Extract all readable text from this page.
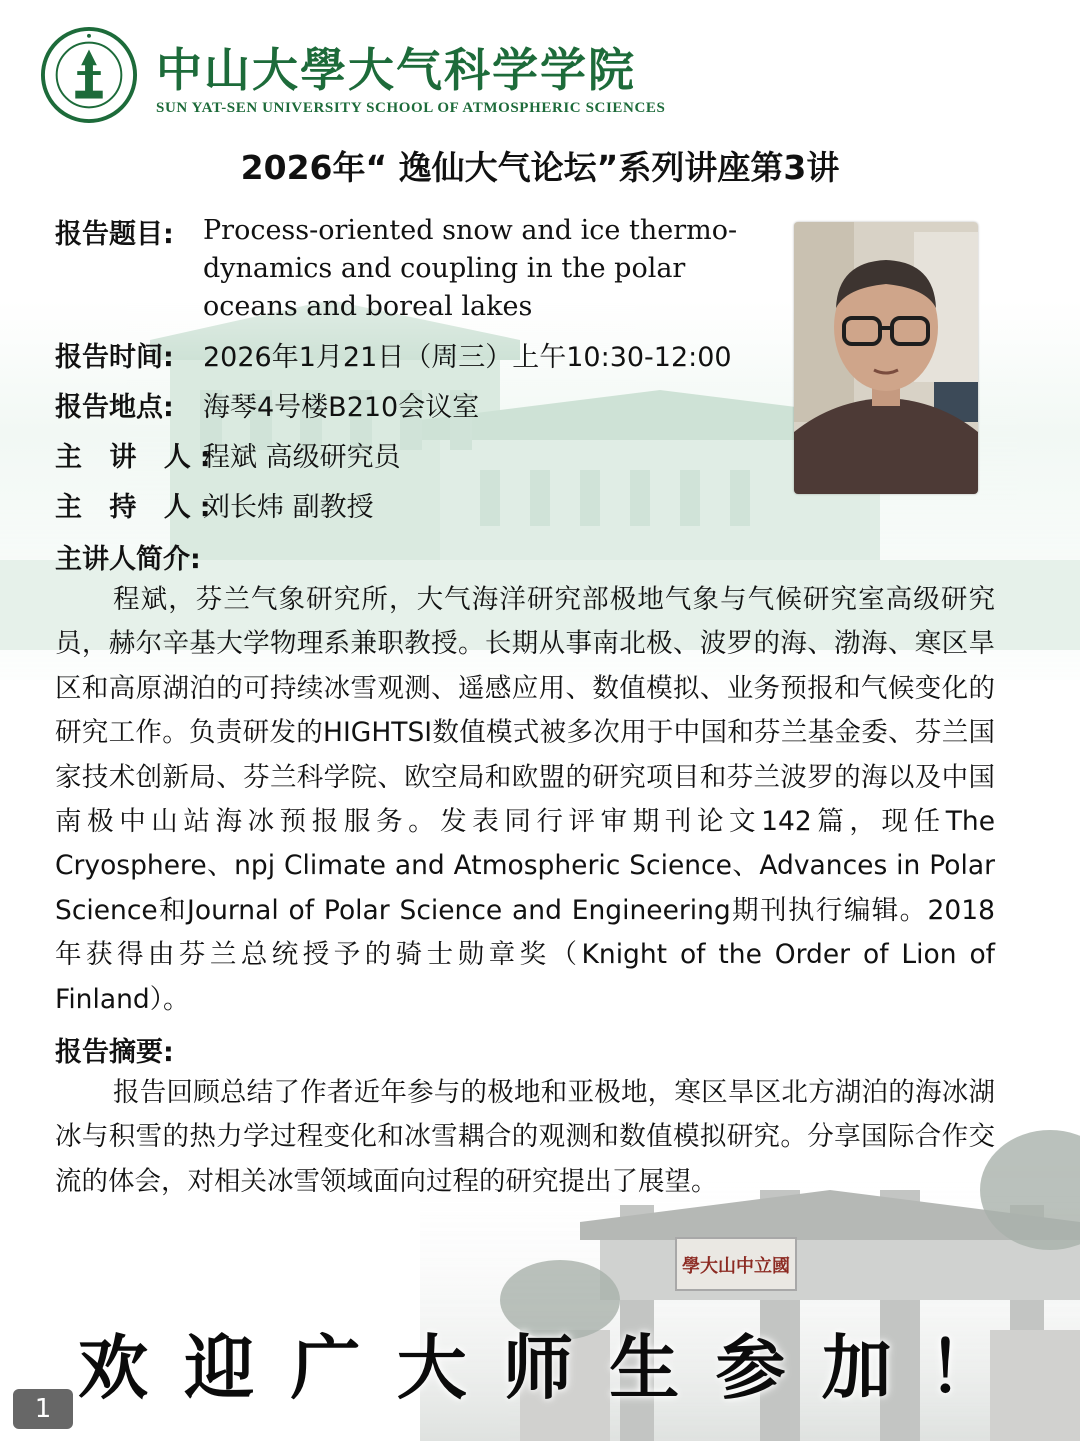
學大山中立國
中山大學大气科学学院
SUN YAT-SEN UNIVERSITY SCHOOL OF ATMOSPHERIC SCIENCES
2026年“ 逸仙大气论坛”系列讲座第3讲
报告题目: Process-oriented snow and ice thermo-
dynamics and coupling in the polar
oceans and boreal lakes
报告时间: 2026年1月21日（周三）上午10:30-12:00
报告地点: 海琴4号楼B210会议室
主 讲 人:
程斌 高级研究员
主 持 人:
刘长炜 副教授
主讲人简介:
程斌，芬兰气象研究所，大气海洋研究部极地气象与气候研究室高级研究员，赫尔辛基大学物理系兼职教授。长期从事南北极、波罗的海、渤海、寒区旱区和高原湖泊的可持续冰雪观测、遥感应用、数值模拟、业务预报和气候变化的研究工作。负责研发的HIGHTSI数值模式被多次用于中国和芬兰基金委、芬兰国家技术创新局、芬兰科学院、欧空局和欧盟的研究项目和芬兰波罗的海以及中国南极中山站海冰预报服务。发表同行评审期刊论文142篇，现任The Cryosphere、npj Climate and Atmospheric Science、Advances in Polar Science和Journal of Polar Science and Engineering期刊执行编辑。2018年获得由芬兰总统授予的骑士勋章奖（Knight of the Order of Lion of Finland）。
报告摘要:
报告回顾总结了作者近年参与的极地和亚极地，寒区旱区北方湖泊的海冰湖冰与积雪的热力学过程变化和冰雪耦合的观测和数值模拟研究。分享国际合作交流的体会，对相关冰雪领域面向过程的研究提出了展望。
欢 迎 广 大 师 生 参 加 ！
1
